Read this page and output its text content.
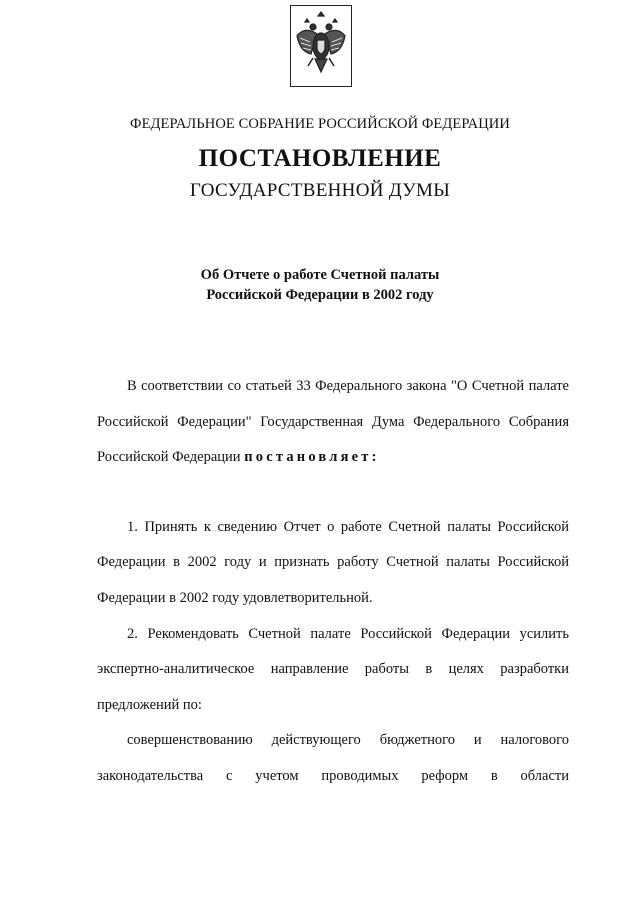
ФЕДЕРАЛЬНОЕ СОБРАНИЕ РОССИЙСКОЙ ФЕДЕРАЦИИ
ПОСТАНОВЛЕНИЕ
ГОСУДАРСТВЕННОЙ ДУМЫ
Об Отчете о работе Счетной палаты
Российской Федерации в 2002 году

В соответствии со статьей 33 Федерального закона "О Счетной палате Российской Федерации" Государственная Дума Федерального Собрания Российской Федерации постановляет:

1. Принять к сведению Отчет о работе Счетной палаты Российской Федерации в 2002 году и признать работу Счетной палаты Российской Федерации в 2002 году удовлетворительной.

2. Рекомендовать Счетной палате Российской Федерации усилить экспертно-аналитическое направление работы в целях разработки предложений по:

совершенствованию действующего бюджетного и налогового законодательства с учетом проводимых реформ в области
